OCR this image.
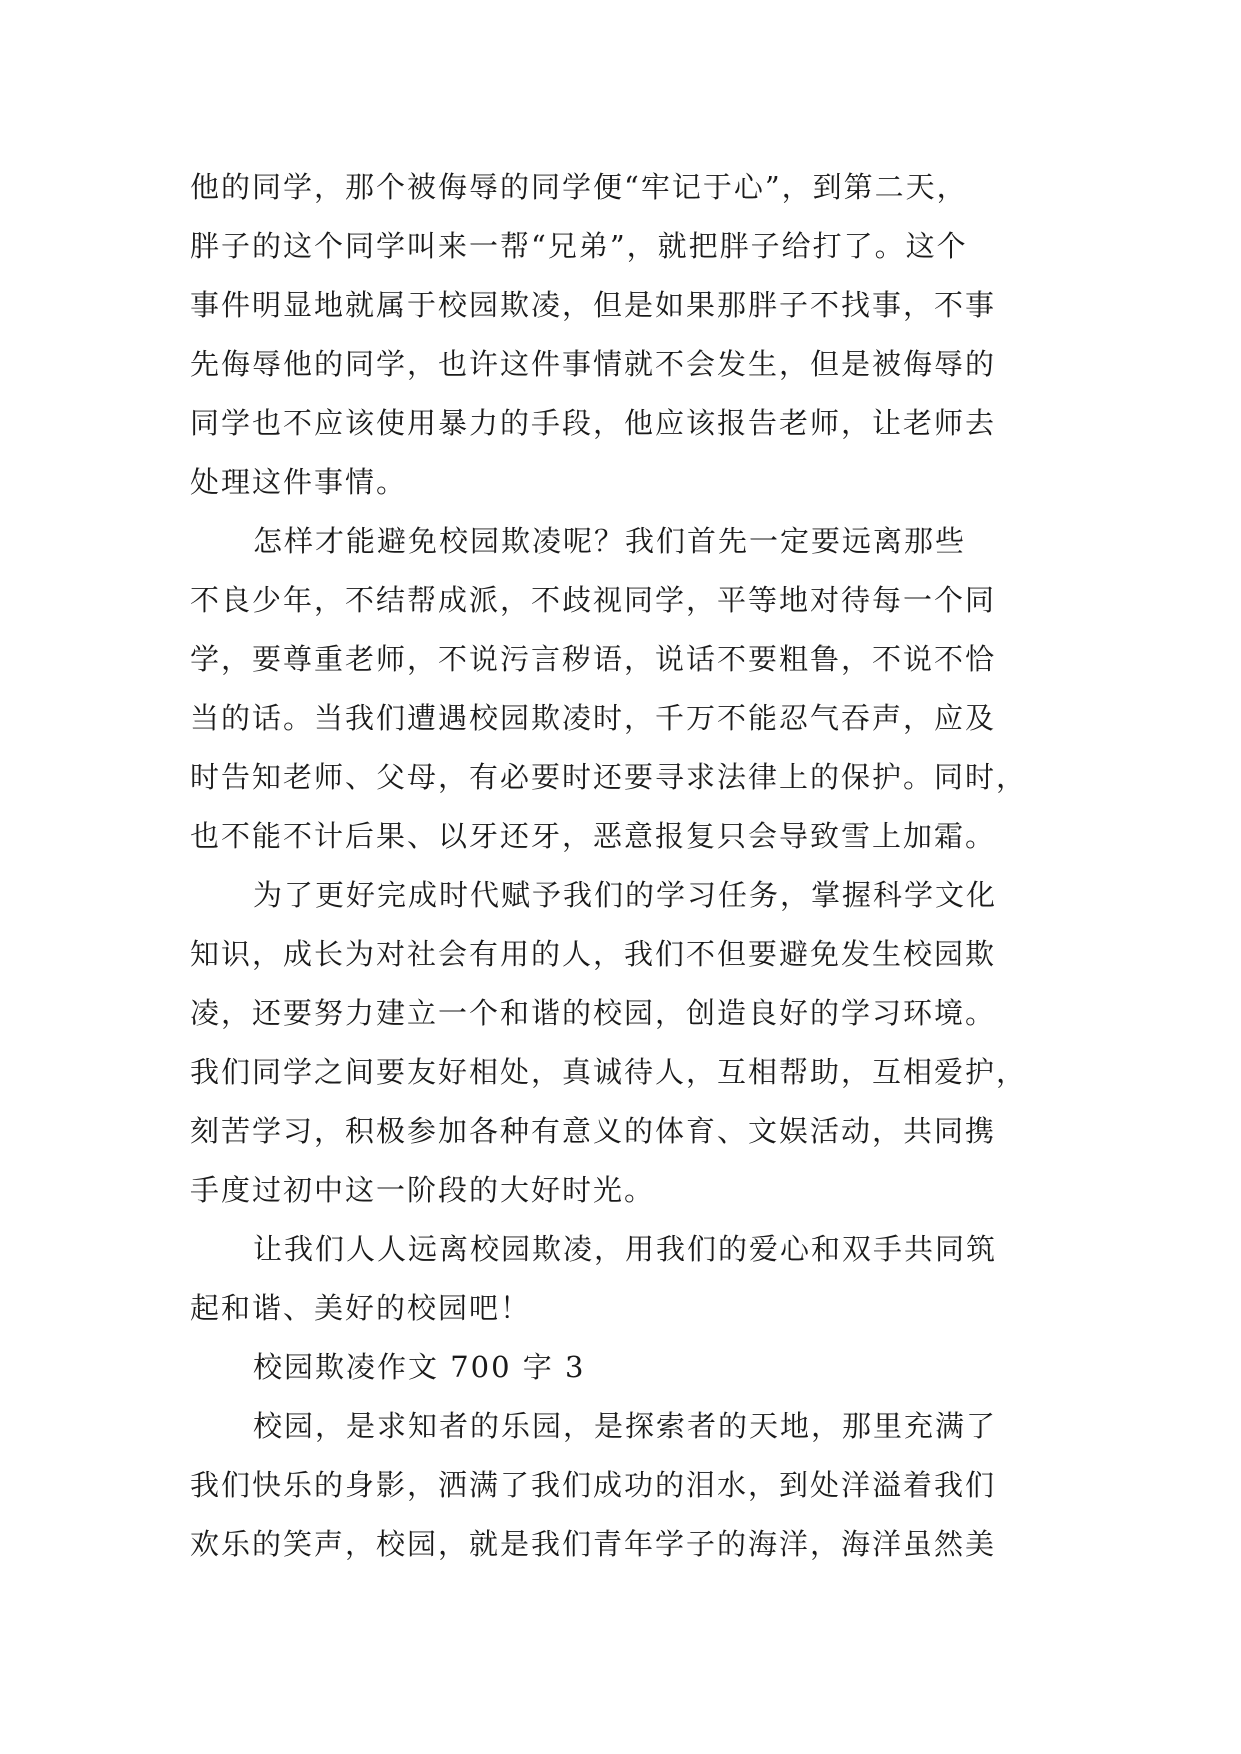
他的同学，那个被侮辱的同学便“牢记于心”，到第二天，
胖子的这个同学叫来一帮“兄弟”，就把胖子给打了。这个
事件明显地就属于校园欺凌，但是如果那胖子不找事，不事
先侮辱他的同学，也许这件事情就不会发生，但是被侮辱的
同学也不应该使用暴力的手段，他应该报告老师，让老师去
处理这件事情。
怎样才能避免校园欺凌呢？我们首先一定要远离那些
不良少年，不结帮成派，不歧视同学，平等地对待每一个同
学，要尊重老师，不说污言秽语，说话不要粗鲁，不说不恰
当的话。当我们遭遇校园欺凌时，千万不能忍气吞声，应及
时告知老师、父母，有必要时还要寻求法律上的保护。同时，
也不能不计后果、以牙还牙，恶意报复只会导致雪上加霜。
为了更好完成时代赋予我们的学习任务，掌握科学文化
知识，成长为对社会有用的人，我们不但要避免发生校园欺
凌，还要努力建立一个和谐的校园，创造良好的学习环境。
我们同学之间要友好相处，真诚待人，互相帮助，互相爱护，
刻苦学习，积极参加各种有意义的体育、文娱活动，共同携
手度过初中这一阶段的大好时光。
让我们人人远离校园欺凌，用我们的爱心和双手共同筑
起和谐、美好的校园吧！
校园欺凌作文 700 字 3
校园，是求知者的乐园，是探索者的天地，那里充满了
我们快乐的身影，洒满了我们成功的泪水，到处洋溢着我们
欢乐的笑声，校园，就是我们青年学子的海洋，海洋虽然美
